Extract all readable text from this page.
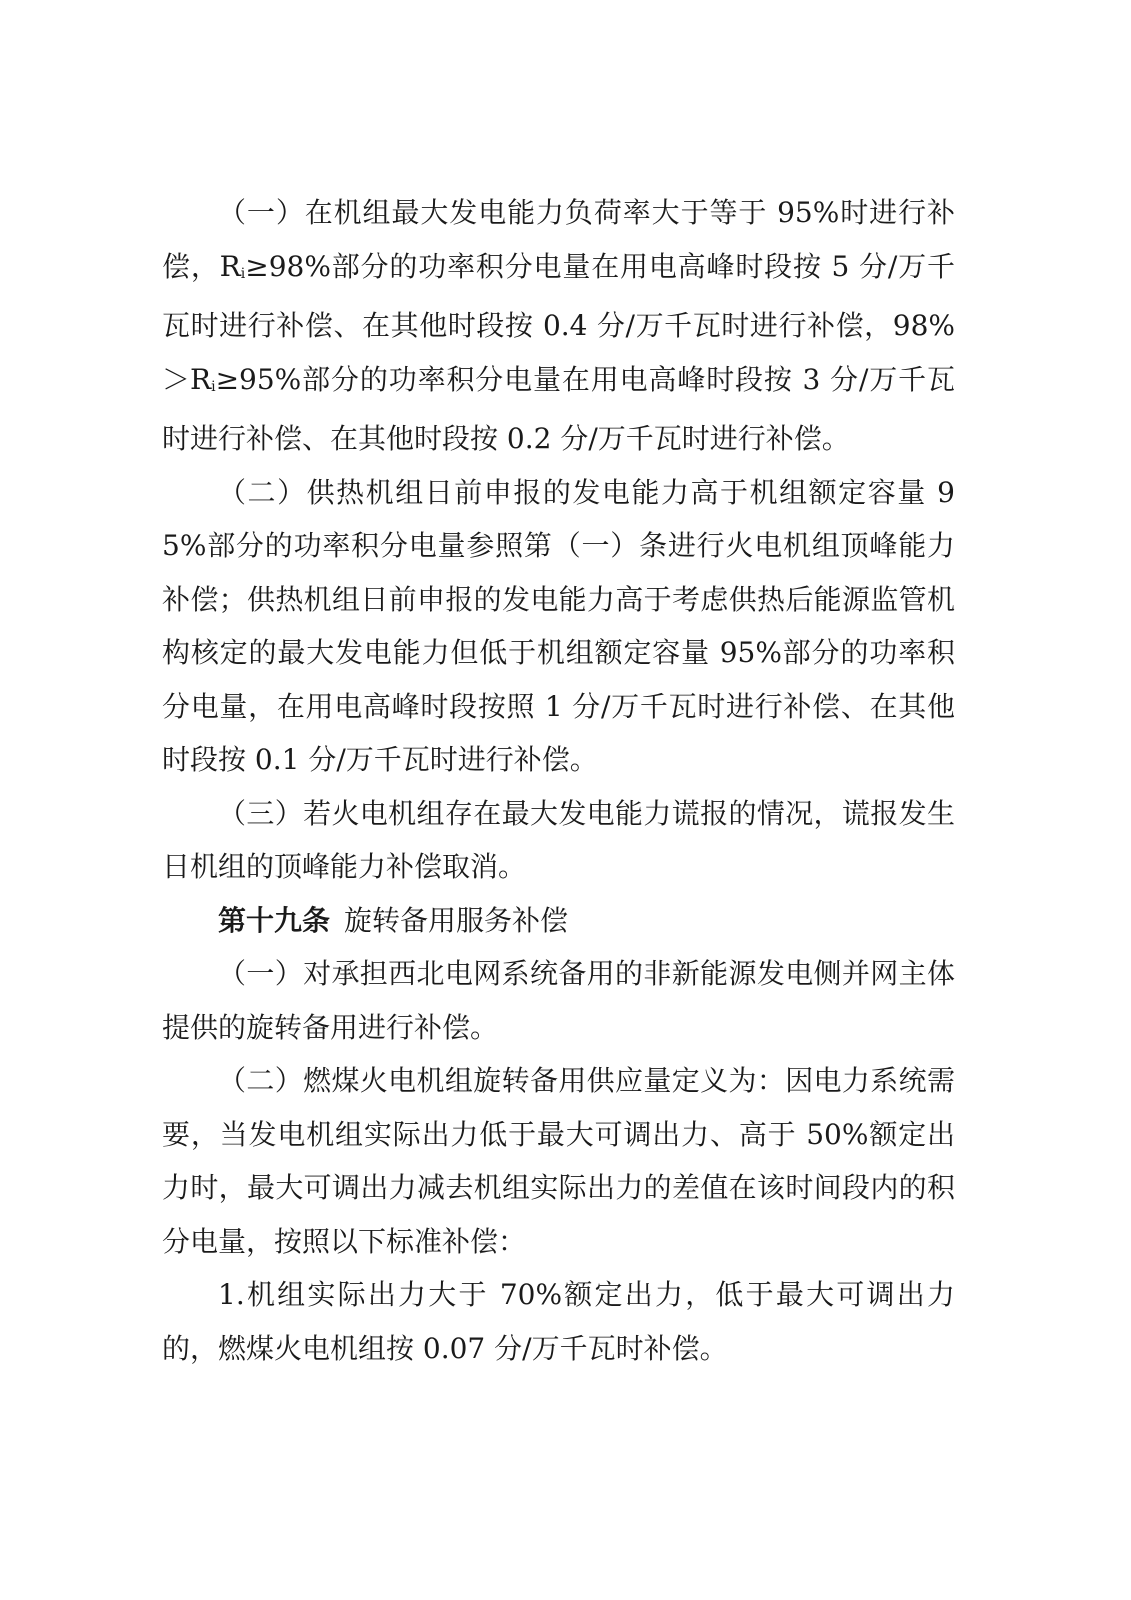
（一）在机组最大发电能力负荷率大于等于 95%时进行补偿，$R_i\ge 98\%$部分的功率积分电量在用电高峰时段按 5 分/万千瓦时进行补偿、在其他时段按 0.4 分/万千瓦时进行补偿，$98\%>R_i\ge 95\%$部分的功率积分电量在用电高峰时段按 3 分/万千瓦时进行补偿、在其他时段按 0.2 分/万千瓦时进行补偿。

（二）供热机组日前申报的发电能力高于机组额定容量 95%部分的功率积分电量参照第（一）条进行火电机组顶峰能力补偿；供热机组日前申报的发电能力高于考虑供热后能源监管机构核定的最大发电能力但低于机组额定容量 95%部分的功率积分电量，在用电高峰时段按照 1 分/万千瓦时进行补偿、在其他时段按 0.1 分/万千瓦时进行补偿。

（三）若火电机组存在最大发电能力谎报的情况，谎报发生日机组的顶峰能力补偿取消。

第十九条 旋转备用服务补偿

（一）对承担西北电网系统备用的非新能源发电侧并网主体提供的旋转备用进行补偿。

（二）燃煤火电机组旋转备用供应量定义为：因电力系统需要，当发电机组实际出力低于最大可调出力、高于 50%额定出力时，最大可调出力减去机组实际出力的差值在该时间段内的积分电量，按照以下标准补偿：

1.机组实际出力大于 70%额定出力，低于最大可调出力的，燃煤火电机组按 0.07 分/万千瓦时补偿。
